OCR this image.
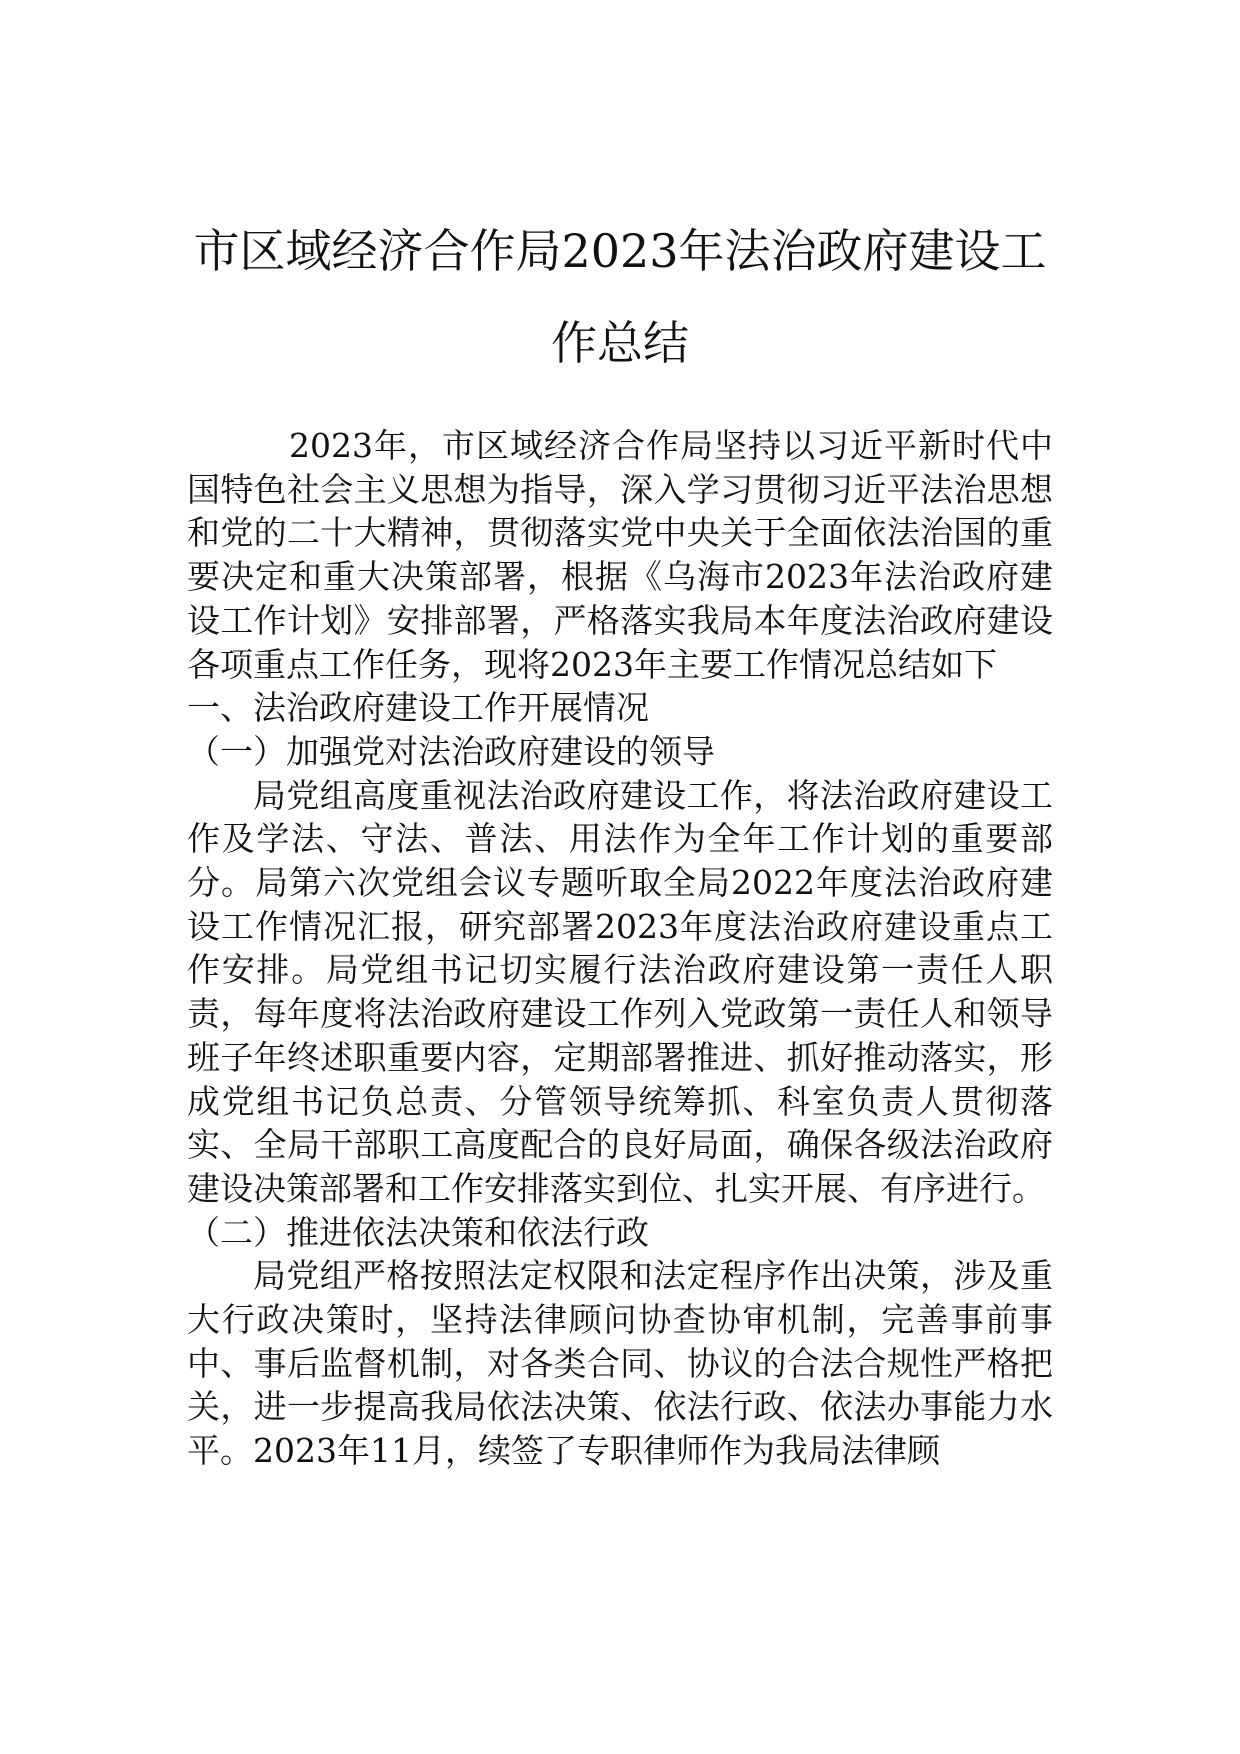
市区域经济合作局2023年法治政府建设工作总结

2023年，市区域经济合作局坚持以习近平新时代中国特色社会主义思想为指导，深入学习贯彻习近平法治思想和党的二十大精神，贯彻落实党中央关于全面依法治国的重要决定和重大决策部署，根据《乌海市2023年法治政府建设工作计划》安排部署，严格落实我局本年度法治政府建设各项重点工作任务，现将2023年主要工作情况总结如下

一、法治政府建设工作开展情况

（一）加强党对法治政府建设的领导

局党组高度重视法治政府建设工作，将法治政府建设工作及学法、守法、普法、用法作为全年工作计划的重要部分。局第六次党组会议专题听取全局2022年度法治政府建设工作情况汇报，研究部署2023年度法治政府建设重点工作安排。局党组书记切实履行法治政府建设第一责任人职责，每年度将法治政府建设工作列入党政第一责任人和领导班子年终述职重要内容，定期部署推进、抓好推动落实，形成党组书记负总责、分管领导统筹抓、科室负责人贯彻落实、全局干部职工高度配合的良好局面，确保各级法治政府建设决策部署和工作安排落实到位、扎实开展、有序进行。

（二）推进依法决策和依法行政

局党组严格按照法定权限和法定程序作出决策，涉及重大行政决策时，坚持法律顾问协查协审机制，完善事前事中、事后监督机制，对各类合同、协议的合法合规性严格把关，进一步提高我局依法决策、依法行政、依法办事能力水平。2023年11月，续签了专职律师作为我局法律顾
